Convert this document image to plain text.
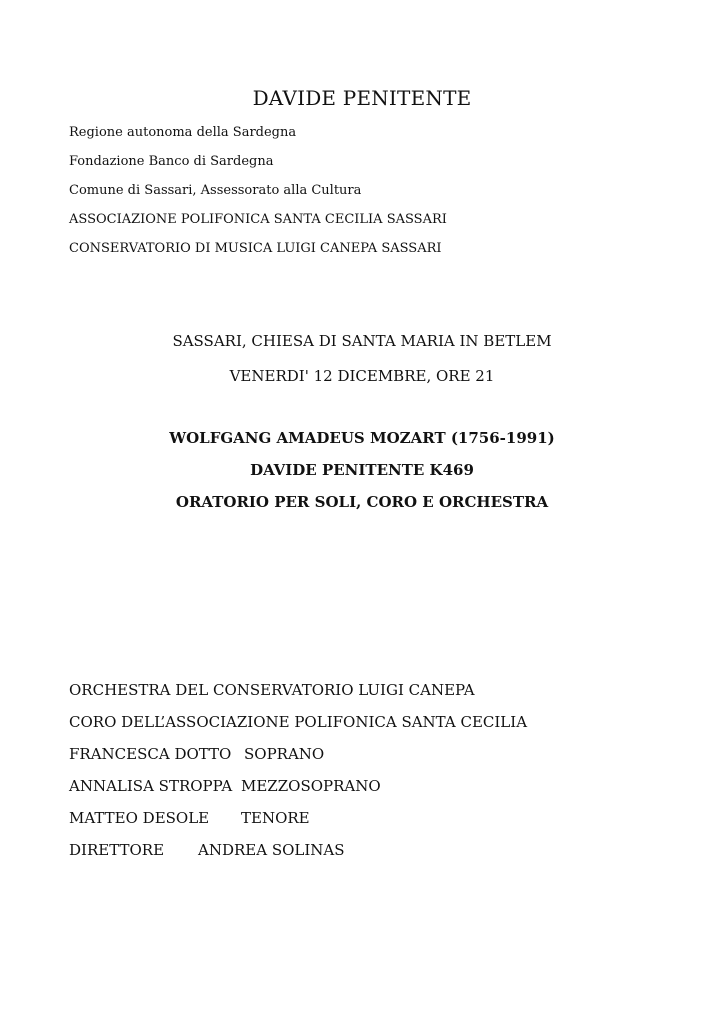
DAVIDE PENITENTE
Regione autonoma della Sardegna
Fondazione Banco di Sardegna
Comune di Sassari, Assessorato alla Cultura
ASSOCIAZIONE POLIFONICA SANTA CECILIA SASSARI
CONSERVATORIO DI MUSICA LUIGI CANEPA SASSARI
SASSARI, CHIESA DI SANTA MARIA IN BETLEM
VENERDI' 12 DICEMBRE, ORE 21
WOLFGANG AMADEUS MOZART (1756-1991)
DAVIDE PENITENTE K469
ORATORIO PER SOLI, CORO E ORCHESTRA
ORCHESTRA DEL CONSERVATORIO LUIGI CANEPA
CORO DELL’ASSOCIAZIONE POLIFONICA SANTA CECILIA
FRANCESCA DOTTO SOPRANO
ANNALISA STROPPA MEZZOSOPRANO
MATTEO DESOLE TENORE
DIRETTORE ANDREA SOLINAS
